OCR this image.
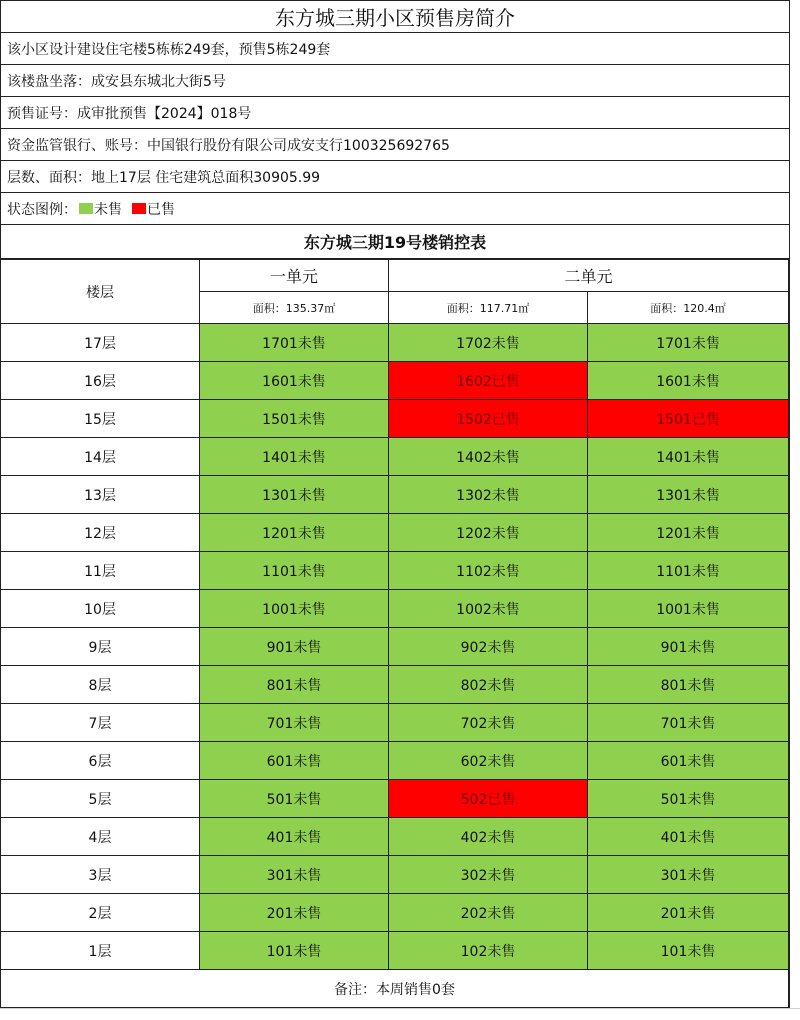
东方城三期小区预售房简介
该小区设计建设住宅楼5栋栋249套，预售5栋249套
该楼盘坐落：成安县东城北大街5号
预售证号：成审批预售【2024】018号
资金监管银行、账号：中国银行股份有限公司成安支行100325692765
层数、面积：地上17层 住宅建筑总面积30905.99
状态图例： 未售 已售
东方城三期19号楼销控表
楼层	一单元	二单元	
	面积：135.37㎡	面积：117.71㎡	面积：120.4㎡
17层	1701未售	1702未售	1701未售
16层	1601未售	1602已售	1601未售
15层	1501未售	1502已售	1501已售
14层	1401未售	1402未售	1401未售
13层	1301未售	1302未售	1301未售
12层	1201未售	1202未售	1201未售
11层	1101未售	1102未售	1101未售
10层	1001未售	1002未售	1001未售
9层	901未售	902未售	901未售
8层	801未售	802未售	801未售
7层	701未售	702未售	701未售
6层	601未售	602未售	601未售
5层	501未售	502已售	501未售
4层	401未售	402未售	401未售
3层	301未售	302未售	301未售
2层	201未售	202未售	201未售
1层	101未售	102未售	101未售
备注：本周销售0套			
